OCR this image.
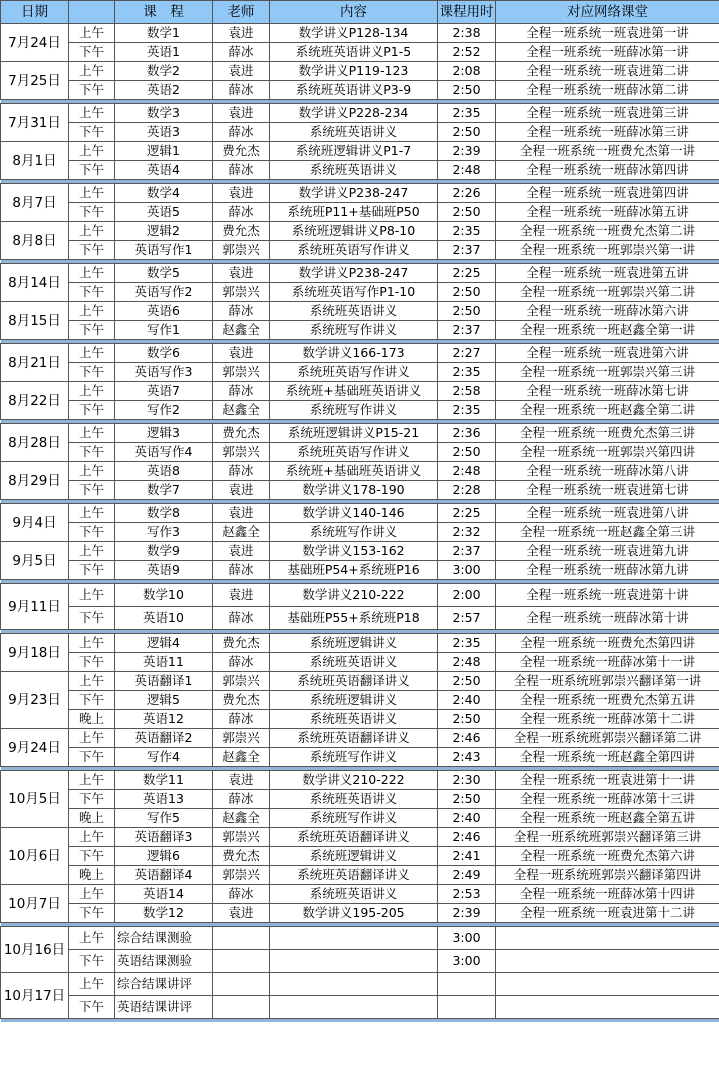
日期		课　程	老师	内容	课程用时	对应网络课堂
7月24日	上午	数学1	袁进	数学讲义P128-134	2:38	全程一班系统一班袁进第一讲
	下午	英语1	薛冰	系统班英语讲义P1-5	2:52	全程一班系统一班薛冰第一讲
7月25日	上午	数学2	袁进	数学讲义P119-123	2:08	全程一班系统一班袁进第二讲
	下午	英语2	薛冰	系统班英语讲义P3-9	2:50	全程一班系统一班薛冰第二讲

7月31日	上午	数学3	袁进	数学讲义P228-234	2:35	全程一班系统一班袁进第三讲
	下午	英语3	薛冰	系统班英语讲义	2:50	全程一班系统一班薛冰第三讲
8月1日	上午	逻辑1	费允杰	系统班逻辑讲义P1-7	2:39	全程一班系统一班费允杰第一讲
	下午	英语4	薛冰	系统班英语讲义	2:48	全程一班系统一班薛冰第四讲

8月7日	上午	数学4	袁进	数学讲义P238-247	2:26	全程一班系统一班袁进第四讲
	下午	英语5	薛冰	系统班P11+基础班P50	2:50	全程一班系统一班薛冰第五讲
8月8日	上午	逻辑2	费允杰	系统班逻辑讲义P8-10	2:35	全程一班系统一班费允杰第二讲
	下午	英语写作1	郭崇兴	系统班英语写作讲义	2:37	全程一班系统一班郭崇兴第一讲

8月14日	上午	数学5	袁进	数学讲义P238-247	2:25	全程一班系统一班袁进第五讲
	下午	英语写作2	郭崇兴	系统班英语写作P1-10	2:50	全程一班系统一班郭崇兴第二讲
8月15日	上午	英语6	薛冰	系统班英语讲义	2:50	全程一班系统一班薛冰第六讲
	下午	写作1	赵鑫全	系统班写作讲义	2:37	全程一班系统一班赵鑫全第一讲

8月21日	上午	数学6	袁进	数学讲义166-173	2:27	全程一班系统一班袁进第六讲
	下午	英语写作3	郭崇兴	系统班英语写作讲义	2:35	全程一班系统一班郭崇兴第三讲
8月22日	上午	英语7	薛冰	系统班+基础班英语讲义	2:58	全程一班系统一班薛冰第七讲
	下午	写作2	赵鑫全	系统班写作讲义	2:35	全程一班系统一班赵鑫全第二讲

8月28日	上午	逻辑3	费允杰	系统班逻辑讲义P15-21	2:36	全程一班系统一班费允杰第三讲
	下午	英语写作4	郭崇兴	系统班英语写作讲义	2:50	全程一班系统一班郭崇兴第四讲
8月29日	上午	英语8	薛冰	系统班+基础班英语讲义	2:48	全程一班系统一班薛冰第八讲
	下午	数学7	袁进	数学讲义178-190	2:28	全程一班系统一班袁进第七讲

9月4日	上午	数学8	袁进	数学讲义140-146	2:25	全程一班系统一班袁进第八讲
	下午	写作3	赵鑫全	系统班写作讲义	2:32	全程一班系统一班赵鑫全第三讲
9月5日	上午	数学9	袁进	数学讲义153-162	2:37	全程一班系统一班袁进第九讲
	下午	英语9	薛冰	基础班P54+系统班P16	3:00	全程一班系统一班薛冰第九讲

9月11日	上午	数学10	袁进	数学讲义210-222	2:00	全程一班系统一班袁进第十讲
	下午	英语10	薛冰	基础班P55+系统班P18	2:57	全程一班系统一班薛冰第十讲

9月18日	上午	逻辑4	费允杰	系统班逻辑讲义	2:35	全程一班系统一班费允杰第四讲
	下午	英语11	薛冰	系统班英语讲义	2:48	全程一班系统一班薛冰第十一讲
9月23日	上午	英语翻译1	郭崇兴	系统班英语翻译讲义	2:50	全程一班系统班郭崇兴翻译第一讲
	下午	逻辑5	费允杰	系统班逻辑讲义	2:40	全程一班系统一班费允杰第五讲
	晚上	英语12	薛冰	系统班英语讲义	2:50	全程一班系统一班薛冰第十二讲
9月24日	上午	英语翻译2	郭崇兴	系统班英语翻译讲义	2:46	全程一班系统班郭崇兴翻译第二讲
	下午	写作4	赵鑫全	系统班写作讲义	2:43	全程一班系统一班赵鑫全第四讲

10月5日	上午	数学11	袁进	数学讲义210-222	2:30	全程一班系统一班袁进第十一讲
	下午	英语13	薛冰	系统班英语讲义	2:50	全程一班系统一班薛冰第十三讲
	晚上	写作5	赵鑫全	系统班写作讲义	2:40	全程一班系统一班赵鑫全第五讲
10月6日	上午	英语翻译3	郭崇兴	系统班英语翻译讲义	2:46	全程一班系统班郭崇兴翻译第三讲
	下午	逻辑6	费允杰	系统班逻辑讲义	2:41	全程一班系统一班费允杰第六讲
	晚上	英语翻译4	郭崇兴	系统班英语翻译讲义	2:49	全程一班系统班郭崇兴翻译第四讲
10月7日	上午	英语14	薛冰	系统班英语讲义	2:53	全程一班系统一班薛冰第十四讲
	下午	数学12	袁进	数学讲义195-205	2:39	全程一班系统一班袁进第十二讲

10月16日	上午	综合结课测验			3:00	
	下午	英语结课测验			3:00	
10月17日	上午	综合结课讲评				
	下午	英语结课讲评				
